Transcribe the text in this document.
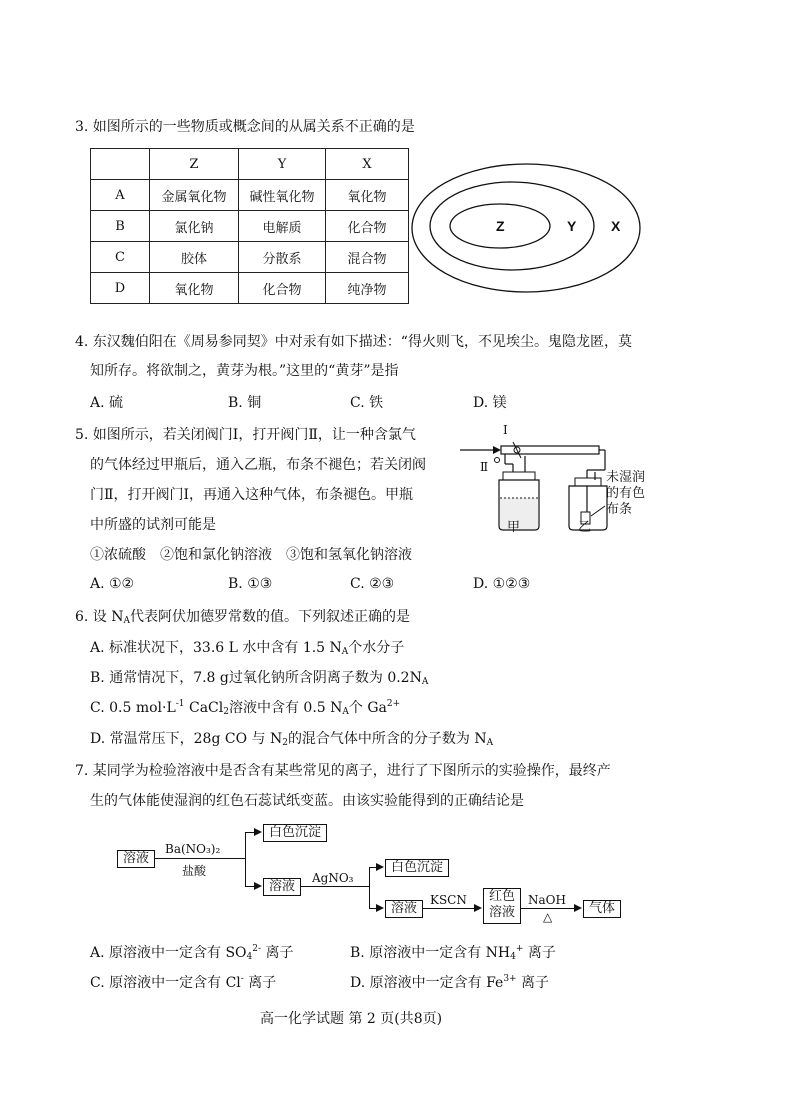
3. 如图所示的一些物质或概念间的从属关系不正确的是
	Z	Y	X
A	金属氧化物	碱性氧化物	氧化物
B	氯化钠	电解质	化合物
C	胶体	分散系	混合物
D	氧化物	化合物	纯净物
Z	Y X
4. 东汉魏伯阳在《周易参同契》中对汞有如下描述：“得火则飞，不见埃尘。鬼隐龙匿，莫
知所存。将欲制之，黄芽为根。”这里的“黄芽”是指
A. 硫	B. 铜	C. 铁	D. 镁
5. 如图所示，若关闭阀门Ⅰ，打开阀门Ⅱ，让一种含氯气
的气体经过甲瓶后，通入乙瓶，布条不褪色；若关闭阀
门Ⅱ，打开阀门Ⅰ，再通入这种气体，布条褪色。甲瓶
中所盛的试剂可能是
①浓硫酸　②饱和氯化钠溶液　③饱和氢氧化钠溶液
A. ①②	B. ①③	C. ②③	D. ①②③
Ⅰ
Ⅱ
甲	乙
未湿润
的有色
布条
6. 设 $N_A$代表阿伏加德罗常数的值。下列叙述正确的是
A. 标准状况下，33.6 L 水中含有 1.5 $N_A$个水分子
B. 通常情况下，7.8 g过氧化钠所含阴离子数为 $0.2N_A$
C. 0.5 $mol\cdot L^{-1}$ CaCl$_2$溶液中含有 0.5 $N_A$个 $Ga^{2+}$
D. 常温常压下，28g CO 与 $N_2$的混合气体中所含的分子数为 $N_A$
7. 某同学为检验溶液中是否含有某些常见的离子，进行了下图所示的实验操作，最终产
生的气体能使湿润的红色石蕊试纸变蓝。由该实验能得到的正确结论是
溶液
Ba(NO₃)₂
盐酸
白色沉淀
溶液
AgNO₃
白色沉淀
溶液
KSCN	红色
溶液
NaOH
△
气体
A. 原溶液中一定含有 $SO_4^{2-}$ 离子	B. 原溶液中一定含有 $NH_4^+$ 离子
C. 原溶液中一定含有 Cl- 离子	D. 原溶液中一定含有 $Fe^{3+}$ 离子
高一化学试题 第 2 页(共8页)
